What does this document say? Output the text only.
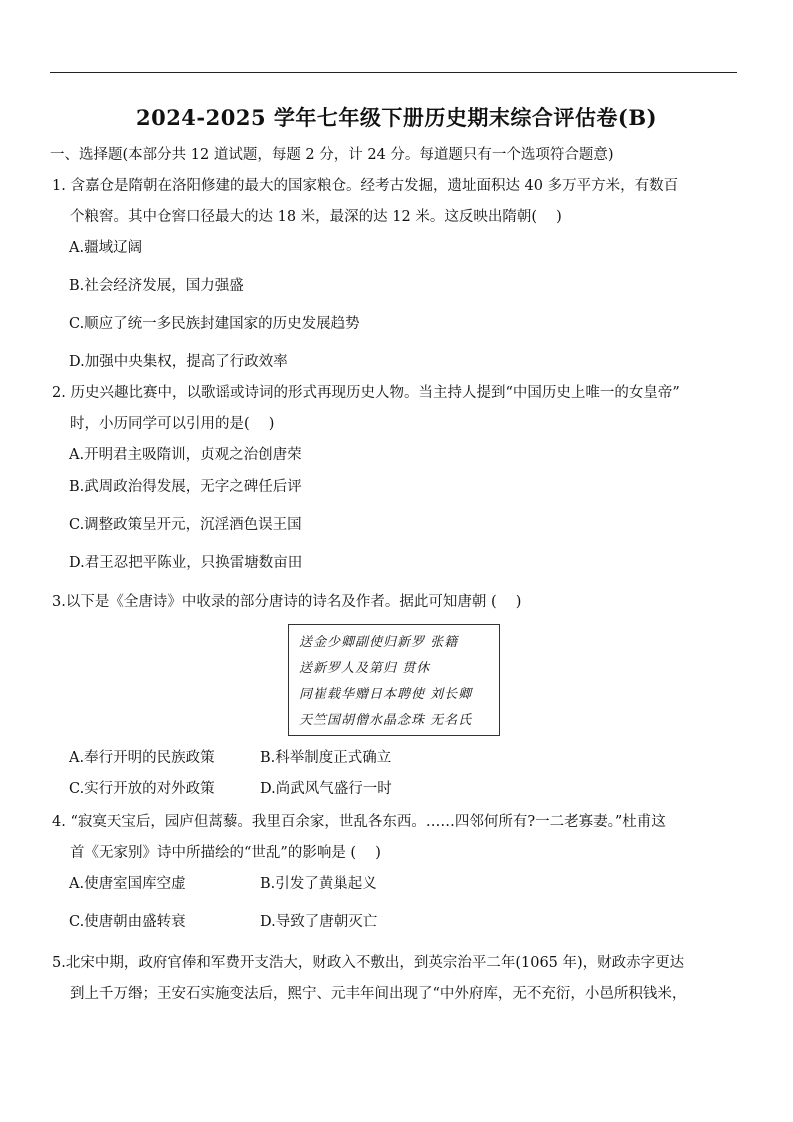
2024-2025 学年七年级下册历史期末综合评估卷(B)
一、选择题(本部分共 12 道试题，每题 2 分，计 24 分。每道题只有一个选项符合题意)
1. 含嘉仓是隋朝在洛阳修建的最大的国家粮仓。经考古发掘，遗址面积达 40 多万平方米，有数百
个粮窖。其中仓窖口径最大的达 18 米，最深的达 12 米。这反映出隋朝(　 )
A.疆域辽阔
B.社会经济发展，国力强盛
C.顺应了统一多民族封建国家的历史发展趋势
D.加强中央集权，提高了行政效率
2. 历史兴趣比赛中，以歌谣或诗词的形式再现历史人物。当主持人提到“中国历史上唯一的女皇帝”
时，小历同学可以引用的是(　 )
A.开明君主吸隋训，贞观之治创唐荣
B.武周政治得发展，无字之碑任后评
C.调整政策呈开元，沉淫酒色误王国
D.君王忍把平陈业，只换雷塘数亩田
3.以下是《全唐诗》中收录的部分唐诗的诗名及作者。据此可知唐朝 (　 )
送金少卿副使归新罗 张籍
送新罗人及第归 贯休
同崔载华赠日本聘使 刘长卿
天竺国胡僧水晶念珠 无名氏
A.奉行开明的民族政策	B.科举制度正式确立
C.实行开放的对外政策	D.尚武风气盛行一时
4. “寂寞天宝后，园庐但蒿藜。我里百余家，世乱各东西。……四邻何所有?一二老寡妻。”杜甫这
首《无家别》诗中所描绘的“世乱”的影响是 (　 )
A.使唐室国库空虚	B.引发了黄巢起义
C.使唐朝由盛转衰	D.导致了唐朝灭亡
5.北宋中期，政府官俸和军费开支浩大，财政入不敷出，到英宗治平二年(1065 年)，财政赤字更达
到上千万缗；王安石实施变法后，熙宁、元丰年间出现了“中外府库，无不充衍，小邑所积钱米，
